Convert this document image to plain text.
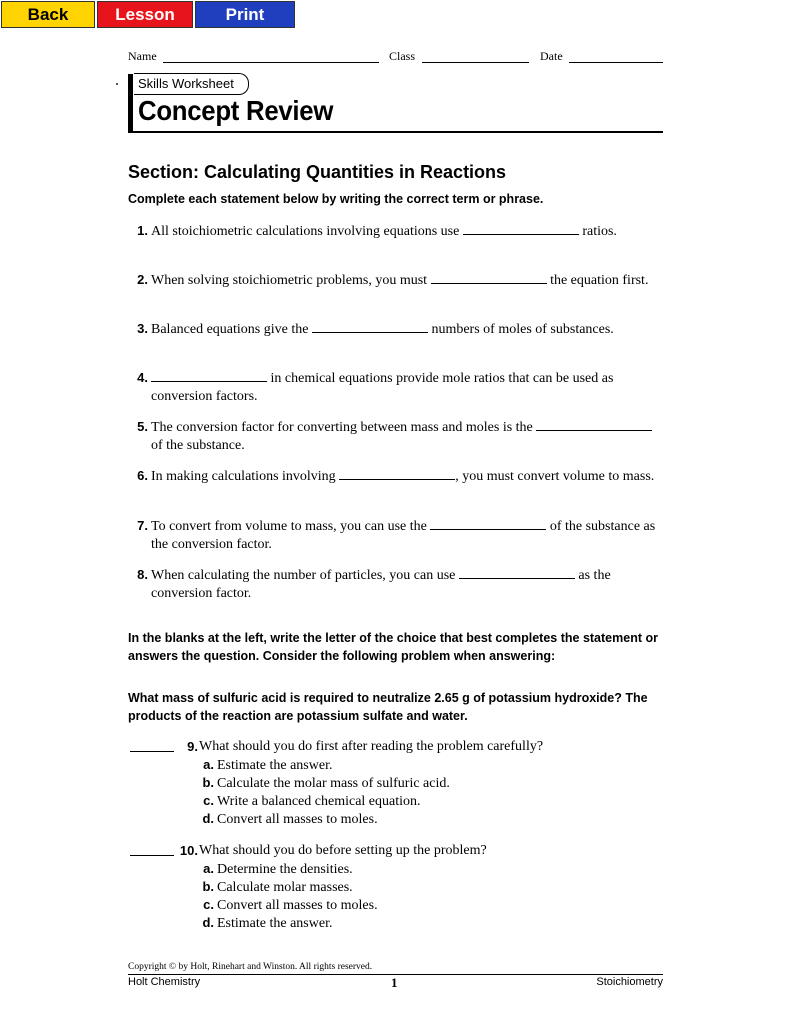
Back	Lesson	Print
Name	Class	Date
Skills Worksheet
Concept Review
Section: Calculating Quantities in Reactions
Complete each statement below by writing the correct term or phrase.
1. All stoichiometric calculations involving equations use	ratios.
2. When solving stoichiometric problems, you must	the equation first.
3. Balanced equations give the	numbers of moles of substances.
4.	in chemical equations provide mole ratios that can be used as conversion factors.
5. The conversion factor for converting between mass and moles is the  of the substance.
6. In making calculations involving	, you must convert volume to mass.
7. To convert from volume to mass, you can use the	of the substance as the conversion factor.
8. When calculating the number of particles, you can use	as the conversion factor.
In the blanks at the left, write the letter of the choice that best completes the statement or answers the question. Consider the following problem when answering:
What mass of sulfuric acid is required to neutralize 2.65 g of potassium hydroxide? The products of the reaction are potassium sulfate and water.
9. What should you do first after reading the problem carefully?
a. Estimate the answer.
b. Calculate the molar mass of sulfuric acid.
c. Write a balanced chemical equation.
d. Convert all masses to moles.
10. What should you do before setting up the problem?
a. Determine the densities.
b. Calculate molar masses.
c. Convert all masses to moles.
d. Estimate the answer.
Copyright © by Holt, Rinehart and Winston. All rights reserved.
Holt Chemistry	1	Stoichiometry
